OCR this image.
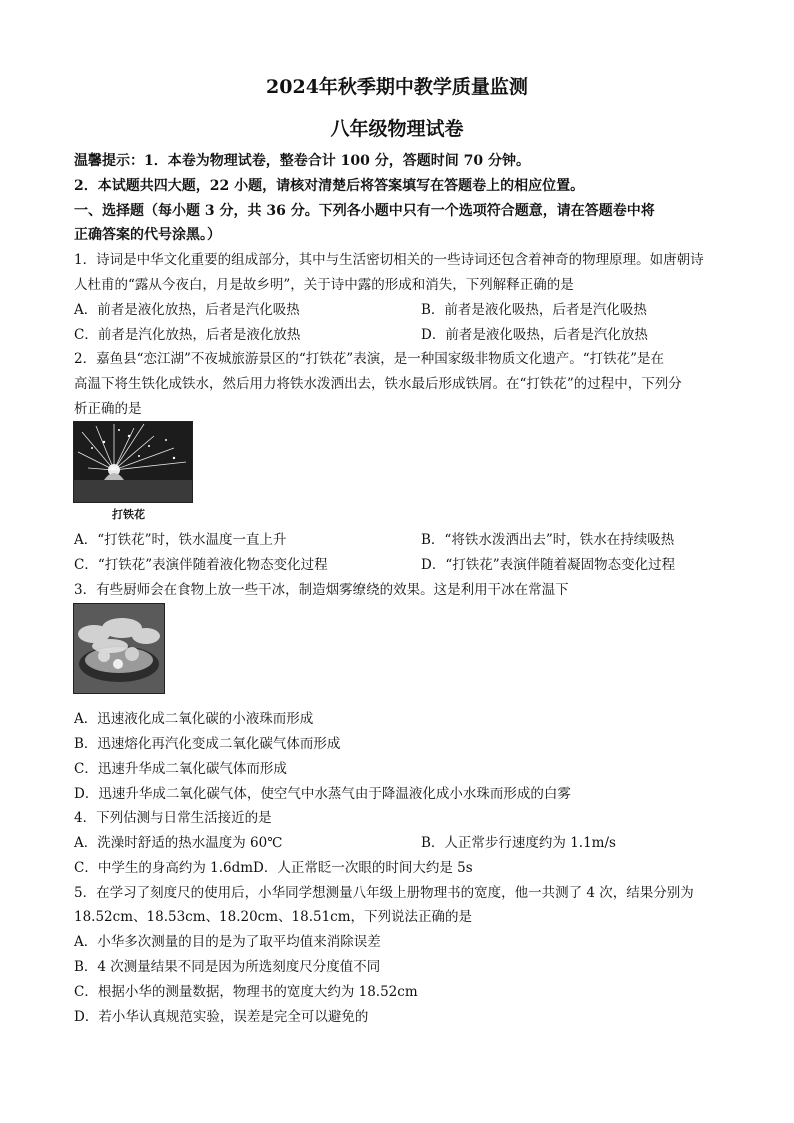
2024年秋季期中教学质量监测
八年级物理试卷
温馨提示：1．本卷为物理试卷，整卷合计 100 分，答题时间 70 分钟。
2．本试题共四大题，22 小题，请核对清楚后将答案填写在答题卷上的相应位置。
一、选择题（每小题 3 分，共 36 分。下列各小题中只有一个选项符合题意，请在答题卷中将
正确答案的代号涂黑。）
1．诗词是中华文化重要的组成部分，其中与生活密切相关的一些诗词还包含着神奇的物理原理。如唐朝诗
人杜甫的“露从今夜白，月是故乡明”，关于诗中露的形成和消失，下列解释正确的是
A．前者是液化放热，后者是汽化吸热	B．前者是液化吸热，后者是汽化吸热
C．前者是汽化放热，后者是液化放热	D．前者是液化吸热，后者是汽化放热
2．嘉鱼县“恋江湖”不夜城旅游景区的“打铁花”表演，是一种国家级非物质文化遗产。“打铁花”是在
高温下将生铁化成铁水，然后用力将铁水泼洒出去，铁水最后形成铁屑。在“打铁花”的过程中，下列分
析正确的是
打铁花
A．“打铁花”时，铁水温度一直上升	B．“将铁水泼洒出去”时，铁水在持续吸热
C．“打铁花”表演伴随着液化物态变化过程	D．“打铁花”表演伴随着凝固物态变化过程
3．有些厨师会在食物上放一些干冰，制造烟雾缭绕的效果。这是利用干冰在常温下
A．迅速液化成二氧化碳的小液珠而形成
B．迅速熔化再汽化变成二氧化碳气体而形成
C．迅速升华成二氧化碳气体而形成
D．迅速升华成二氧化碳气体，使空气中水蒸气由于降温液化成小水珠而形成的白雾
4．下列估测与日常生活接近的是
A．洗澡时舒适的热水温度为 60℃	B．人正常步行速度约为 1.1m/s
C．中学生的身高约为 1.6dmD．人正常眨一次眼的时间大约是 5s
5．在学习了刻度尺的使用后，小华同学想测量八年级上册物理书的宽度，他一共测了 4 次，结果分别为
18.52cm、18.53cm、18.20cm、18.51cm，下列说法正确的是
A．小华多次测量的目的是为了取平均值来消除误差
B．4 次测量结果不同是因为所选刻度尺分度值不同
C．根据小华的测量数据，物理书的宽度大约为 18.52cm
D．若小华认真规范实验，误差是完全可以避免的
